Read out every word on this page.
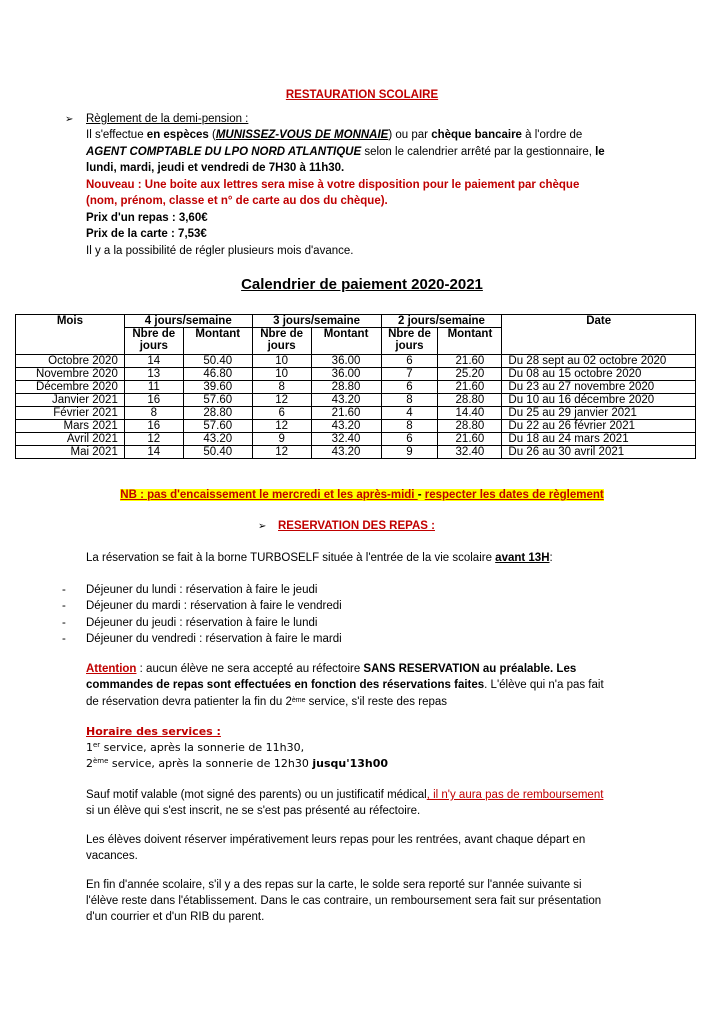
RESTAURATION SCOLAIRE
➢ Règlement de la demi-pension :
Il s'effectue en espèces (MUNISSEZ-VOUS DE MONNAIE) ou par chèque bancaire à l'ordre de
AGENT COMPTABLE DU LPO NORD ATLANTIQUE selon le calendrier arrêté par la gestionnaire, le
lundi, mardi, jeudi et vendredi de 7H30 à 11h30.
Nouveau : Une boite aux lettres sera mise à votre disposition pour le paiement par chèque
(nom, prénom, classe et n° de carte au dos du chèque).
Prix d'un repas : 3,60€
Prix de la carte : 7,53€
Il y a la possibilité de régler plusieurs mois d'avance.
Calendrier de paiement 2020-2021
Mois	4 jours/semaine		3 jours/semaine		2 jours/semaine		Date
	Nbre de jours	Montant	Nbre de jours	Montant	Nbre de jours	Montant	
Octobre 2020	14	50.40	10	36.00	6	21.60	Du 28 sept au 02 octobre 2020
Novembre 2020	13	46.80	10	36.00	7	25.20	Du 08 au 15 octobre 2020
Décembre 2020	11	39.60	8	28.80	6	21.60	Du 23 au 27 novembre 2020
Janvier 2021	16	57.60	12	43.20	8	28.80	Du 10 au 16 décembre 2020
Février 2021	8	28.80	6	21.60	4	14.40	Du 25 au 29 janvier 2021
Mars 2021	16	57.60	12	43.20	8	28.80	Du 22 au 26 février 2021
Avril 2021	12	43.20	9	32.40	6	21.60	Du 18 au 24 mars 2021
Mai 2021	14	50.40	12	43.20	9	32.40	Du 26 au 30 avril 2021
NB : pas d'encaissement le mercredi et les après-midi - respecter les dates de règlement
➢ RESERVATION DES REPAS :
La réservation se fait à la borne TURBOSELF située à l'entrée de la vie scolaire avant 13H:
- Déjeuner du lundi : réservation à faire le jeudi
- Déjeuner du mardi : réservation à faire le vendredi
- Déjeuner du jeudi : réservation à faire le lundi
- Déjeuner du vendredi : réservation à faire le mardi
Attention : aucun élève ne sera accepté au réfectoire SANS RESERVATION au préalable. Les
commandes de repas sont effectuées en fonction des réservations faites. L'élève qui n'a pas fait
de réservation devra patienter la fin du 2ème service, s'il reste des repas
Horaire des services :
1er service, après la sonnerie de 11h30,
2ème service, après la sonnerie de 12h30 jusqu'13h00
Sauf motif valable (mot signé des parents) ou un justificatif médical, il n'y aura pas de remboursement
si un élève qui s'est inscrit, ne se s'est pas présenté au réfectoire.
Les élèves doivent réserver impérativement leurs repas pour les rentrées, avant chaque départ en
vacances.
En fin d'année scolaire, s'il y a des repas sur la carte, le solde sera reporté sur l'année suivante si
l'élève reste dans l'établissement. Dans le cas contraire, un remboursement sera fait sur présentation
d'un courrier et d'un RIB du parent.
